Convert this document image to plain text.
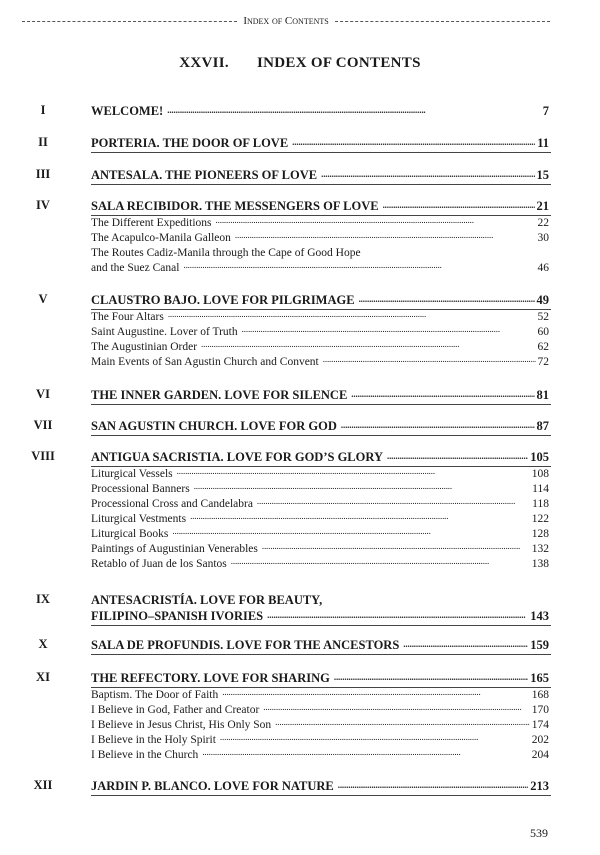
Index of Contents
XXVII. INDEX OF CONTENTS
I	WELCOME! . . .	7
II	PORTERIA. THE DOOR OF LOVE . . .	11
III	ANTESALA. THE PIONEERS OF LOVE . . .	15
IV	SALA RECIBIDOR. THE MESSENGERS OF LOVE . . .	21
The Different Expeditions . . .	22
The Acapulco-Manila Galleon . . .	30
The Routes Cadiz-Manila through the Cape of Good Hope
and the Suez Canal . . .	46
V	CLAUSTRO BAJO. LOVE FOR PILGRIMAGE . . .	49
The Four Altars . . .	52
Saint Augustine. Lover of Truth . . .	60
The Augustinian Order . . .	62
Main Events of San Agustin Church and Convent . . .	72
VI	THE INNER GARDEN. LOVE FOR SILENCE . . .	81
VII	SAN AGUSTIN CHURCH. LOVE FOR GOD . . .	87
VIII	ANTIGUA SACRISTIA. LOVE FOR GOD’S GLORY . . .	105
Liturgical Vessels . . .	108
Processional Banners . . .	114
Processional Cross and Candelabra . . .	118
Liturgical Vestments . . .	122
Liturgical Books . . .	128
Paintings of Augustinian Venerables . . .	132
Retablo of Juan de los Santos . . .	138
IX	ANTESACRISTÍA. LOVE FOR BEAUTY,
FILIPINO–SPANISH IVORIES . . .	143
X	SALA DE PROFUNDIS. LOVE FOR THE ANCESTORS . . .	159
XI	THE REFECTORY. LOVE FOR SHARING . . .	165
Baptism. The Door of Faith . . .	168
I Believe in God, Father and Creator . . .	170
I Believe in Jesus Christ, His Only Son . . .	174
I Believe in the Holy Spirit . . .	202
I Believe in the Church . . .	204
XII	JARDIN P. BLANCO. LOVE FOR NATURE . . .	213
539
